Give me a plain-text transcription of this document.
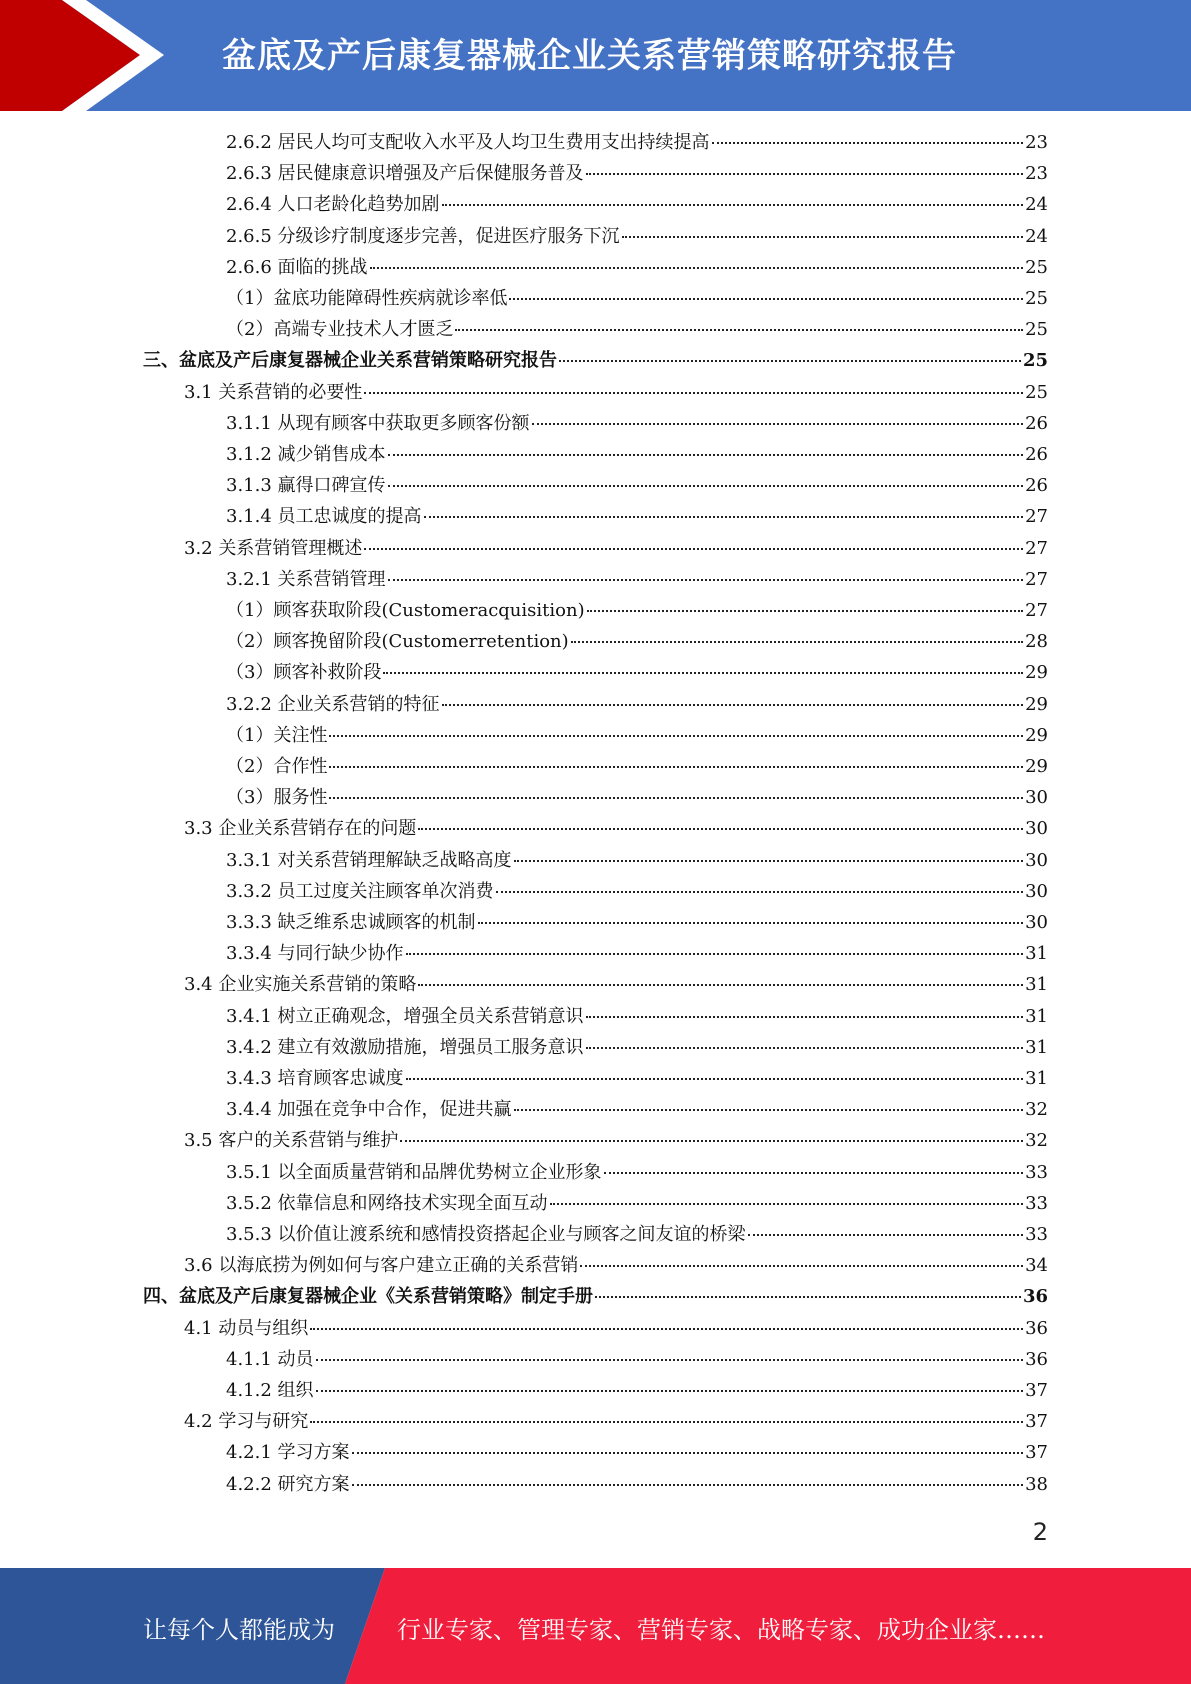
盆底及产后康复器械企业关系营销策略研究报告
2.6.2 居民人均可支配收入水平及人均卫生费用支出持续提高	23
2.6.3 居民健康意识增强及产后保健服务普及	23
2.6.4 人口老龄化趋势加剧	24
2.6.5 分级诊疗制度逐步完善，促进医疗服务下沉	24
2.6.6 面临的挑战	25
（1）盆底功能障碍性疾病就诊率低	25
（2）高端专业技术人才匮乏	25
三、盆底及产后康复器械企业关系营销策略研究报告	25
3.1 关系营销的必要性	25
3.1.1 从现有顾客中获取更多顾客份额	26
3.1.2 减少销售成本	26
3.1.3 赢得口碑宣传	26
3.1.4 员工忠诚度的提高	27
3.2 关系营销管理概述	27
3.2.1 关系营销管理	27
（1）顾客获取阶段(Customeracquisition)	27
（2）顾客挽留阶段(Customerretention)	28
（3）顾客补救阶段	29
3.2.2 企业关系营销的特征	29
（1）关注性	29
（2）合作性	29
（3）服务性	30
3.3 企业关系营销存在的问题	30
3.3.1 对关系营销理解缺乏战略高度	30
3.3.2 员工过度关注顾客单次消费	30
3.3.3 缺乏维系忠诚顾客的机制	30
3.3.4 与同行缺少协作	31
3.4 企业实施关系营销的策略	31
3.4.1 树立正确观念，增强全员关系营销意识	31
3.4.2 建立有效激励措施，增强员工服务意识	31
3.4.3 培育顾客忠诚度	31
3.4.4 加强在竞争中合作，促进共赢	32
3.5 客户的关系营销与维护	32
3.5.1 以全面质量营销和品牌优势树立企业形象	33
3.5.2 依靠信息和网络技术实现全面互动	33
3.5.3 以价值让渡系统和感情投资搭起企业与顾客之间友谊的桥梁	33
3.6 以海底捞为例如何与客户建立正确的关系营销	34
四、盆底及产后康复器械企业《关系营销策略》制定手册	36
4.1 动员与组织	36
4.1.1 动员	36
4.1.2 组织	37
4.2 学习与研究	37
4.2.1 学习方案	37
4.2.2 研究方案	38
2
让每个人都能成为	行业专家、管理专家、营销专家、战略专家、成功企业家……
